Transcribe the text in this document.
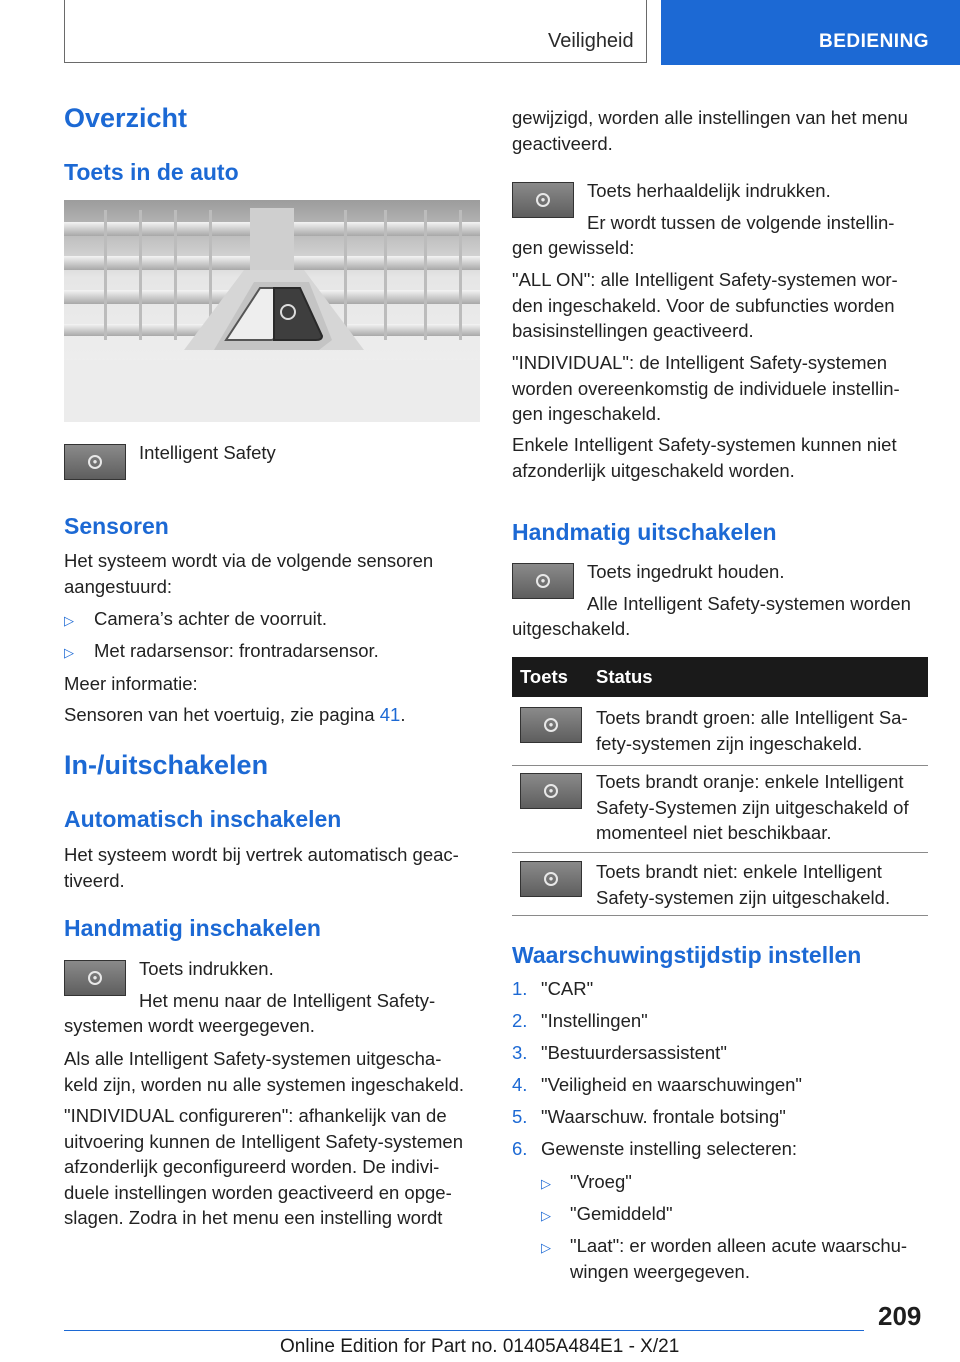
Veiligheid	BEDIENING
Overzicht
Toets in de auto
● Intelligent Safety
Sensoren
Het systeem wordt via de volgende sensoren aangestuurd:
▷ Camera’s achter de voorruit.
▷ Met radarsensor: frontradarsensor.
Meer informatie:
Sensoren van het voertuig, zie pagina 41.
In-/uitschakelen
Automatisch inschakelen
Het systeem wordt bij vertrek automatisch geac- tiveerd.
Handmatig inschakelen
● Toets indrukken.
Het menu naar de Intelligent Safety-
systemen wordt weergegeven.
Als alle Intelligent Safety-systemen uitgescha- keld zijn, worden nu alle systemen ingeschakeld.
"INDIVIDUAL configureren": afhankelijk van de uitvoering kunnen de Intelligent Safety-systemen afzonderlijk geconfigureerd worden. De indivi- duele instellingen worden geactiveerd en opge- slagen. Zodra in het menu een instelling wordt
gewijzigd, worden alle instellingen van het menu geactiveerd.
● Toets herhaaldelijk indrukken.
Er wordt tussen de volgende instellin-
gen gewisseld:
"ALL ON": alle Intelligent Safety-systemen wor- den ingeschakeld. Voor de subfuncties worden basisinstellingen geactiveerd.
"INDIVIDUAL": de Intelligent Safety-systemen worden overeenkomstig de individuele instellin- gen ingeschakeld.
Enkele Intelligent Safety-systemen kunnen niet afzonderlijk uitgeschakeld worden.
Handmatig uitschakelen
● Toets ingedrukt houden.
Alle Intelligent Safety-systemen worden
uitgeschakeld.
Toets Status
● Toets brandt groen: alle Intelligent Sa- fety-systemen zijn ingeschakeld.
● Toets brandt oranje: enkele Intelligent Safety-Systemen zijn uitgeschakeld of momenteel niet beschikbaar.
● Toets brandt niet: enkele Intelligent Safety-systemen zijn uitgeschakeld.
Waarschuwingstijdstip instellen
1. "CAR"
2. "Instellingen"
3. "Bestuurdersassistent"
4. "Veiligheid en waarschuwingen"
5. "Waarschuw. frontale botsing"
6. Gewenste instelling selecteren:
▷ "Vroeg"
▷ "Gemiddeld"
▷ "Laat": er worden alleen acute waarschu- wingen weergegeven.
209
Online Edition for Part no. 01405A484E1 - X/21
